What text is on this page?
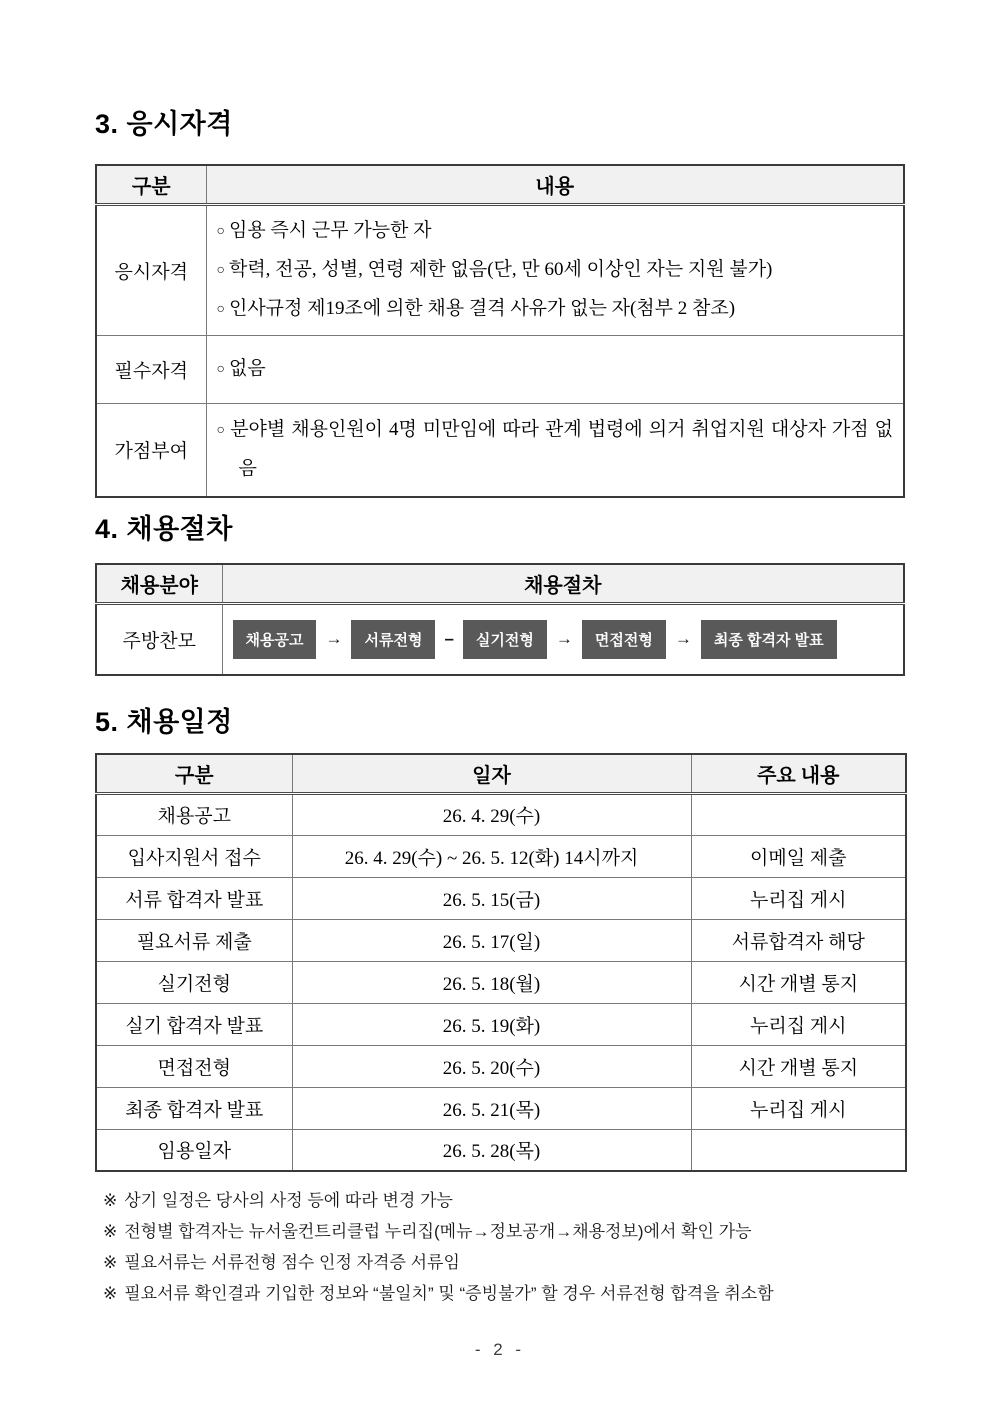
3. 응시자격
구분	내용
응시자격	○ 임용 즉시 근무 가능한 자
○ 학력, 전공, 성별, 연령 제한 없음(단, 만 60세 이상인 자는 지원 불가)
○ 인사규정 제19조에 의한 채용 결격 사유가 없는 자(첨부 2 참조)

필수자격	○ 없음

가점부여	○ 분야별 채용인원이 4명 미만임에 따라 관계 법령에 의거 취업지원 대상자 가점 없음
4. 채용절차
채용분야	채용절차
주방찬모	채용공고	→	서류전형	–	실기전형	→	면접전형	→	최종 합격자 발표
5. 채용일정
구분	일자	주요 내용
채용공고	26. 4. 29(수)	
입사지원서 접수	26. 4. 29(수) ~ 26. 5. 12(화) 14시까지	이메일 제출
서류 합격자 발표	26. 5. 15(금)	누리집 게시
필요서류 제출	26. 5. 17(일)	서류합격자 해당
실기전형	26. 5. 18(월)	시간 개별 통지
실기 합격자 발표	26. 5. 19(화)	누리집 게시
면접전형	26. 5. 20(수)	시간 개별 통지
최종 합격자 발표	26. 5. 21(목)	누리집 게시
임용일자	26. 5. 28(목)	
※ 상기 일정은 당사의 사정 등에 따라 변경 가능
※ 전형별 합격자는 뉴서울컨트리클럽 누리집(메뉴→정보공개→채용정보)에서 확인 가능
※ 필요서류는 서류전형 점수 인정 자격증 서류임
※ 필요서류 확인결과 기입한 정보와 “불일치” 및 “증빙불가” 할 경우 서류전형 합격을 취소함
- 2 -
